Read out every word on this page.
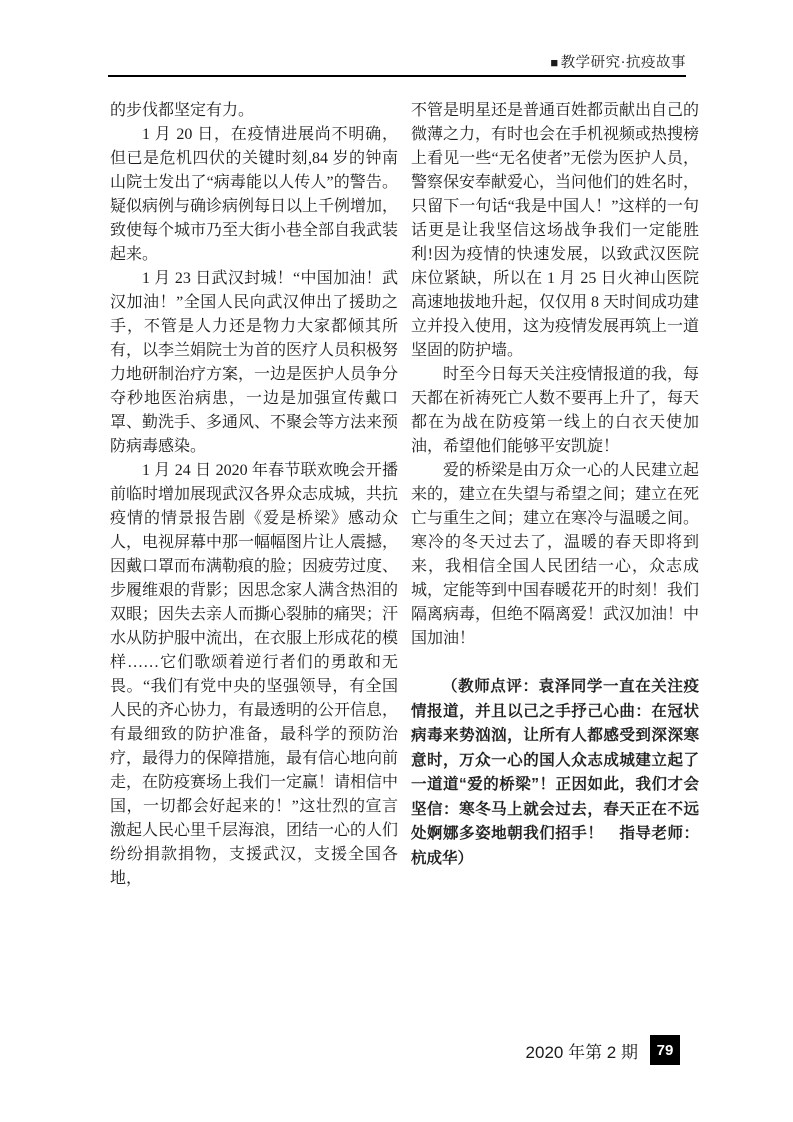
■ 教学研究·抗疫故事

的步伐都坚定有力。

1 月 20 日，在疫情进展尚不明确，但已是危机四伏的关键时刻,84 岁的钟南山院士发出了“病毒能以人传人”的警告。疑似病例与确诊病例每日以上千例增加，致使每个城市乃至大街小巷全部自我武装起来。

1 月 23 日武汉封城！“中国加油！武汉加油！”全国人民向武汉伸出了援助之手，不管是人力还是物力大家都倾其所有，以李兰娟院士为首的医疗人员积极努力地研制治疗方案，一边是医护人员争分夺秒地医治病患，一边是加强宣传戴口罩、勤洗手、多通风、不聚会等方法来预防病毒感染。

1 月 24 日 2020 年春节联欢晚会开播前临时增加展现武汉各界众志成城，共抗疫情的情景报告剧《爱是桥梁》感动众人，电视屏幕中那一幅幅图片让人震撼，因戴口罩而布满勒痕的脸；因疲劳过度、步履维艰的背影；因思念家人满含热泪的双眼；因失去亲人而撕心裂肺的痛哭；汗水从防护服中流出，在衣服上形成花的模样……它们歌颂着逆行者们的勇敢和无畏。“我们有党中央的坚强领导，有全国人民的齐心协力，有最透明的公开信息，有最细致的防护准备，最科学的预防治疗，最得力的保障措施，最有信心地向前走，在防疫赛场上我们一定赢！请相信中国，一切都会好起来的！”这壮烈的宣言激起人民心里千层海浪，团结一心的人们纷纷捐款捐物，支援武汉，支援全国各地，

不管是明星还是普通百姓都贡献出自己的微薄之力，有时也会在手机视频或热搜榜上看见一些“无名使者”无偿为医护人员，警察保安奉献爱心，当问他们的姓名时，只留下一句话“我是中国人！”这样的一句话更是让我坚信这场战争我们一定能胜利!因为疫情的快速发展，以致武汉医院床位紧缺，所以在 1 月 25 日火神山医院高速地拔地升起，仅仅用 8 天时间成功建立并投入使用，这为疫情发展再筑上一道坚固的防护墙。

时至今日每天关注疫情报道的我，每天都在祈祷死亡人数不要再上升了，每天都在为战在防疫第一线上的白衣天使加油，希望他们能够平安凯旋！

爱的桥梁是由万众一心的人民建立起来的，建立在失望与希望之间；建立在死亡与重生之间；建立在寒冷与温暖之间。寒冷的冬天过去了，温暖的春天即将到来，我相信全国人民团结一心，众志成城，定能等到中国春暖花开的时刻！我们隔离病毒，但绝不隔离爱！武汉加油！中国加油！

（教师点评：袁泽同学一直在关注疫情报道，并且以己之手抒己心曲：在冠状病毒来势汹汹，让所有人都感受到深深寒意时，万众一心的国人众志成城建立起了一道道“爱的桥梁”！正因如此，我们才会坚信：寒冬马上就会过去，春天正在不远处婀娜多姿地朝我们招手！　指导老师：杭成华）

2020 年第 2 期	79
